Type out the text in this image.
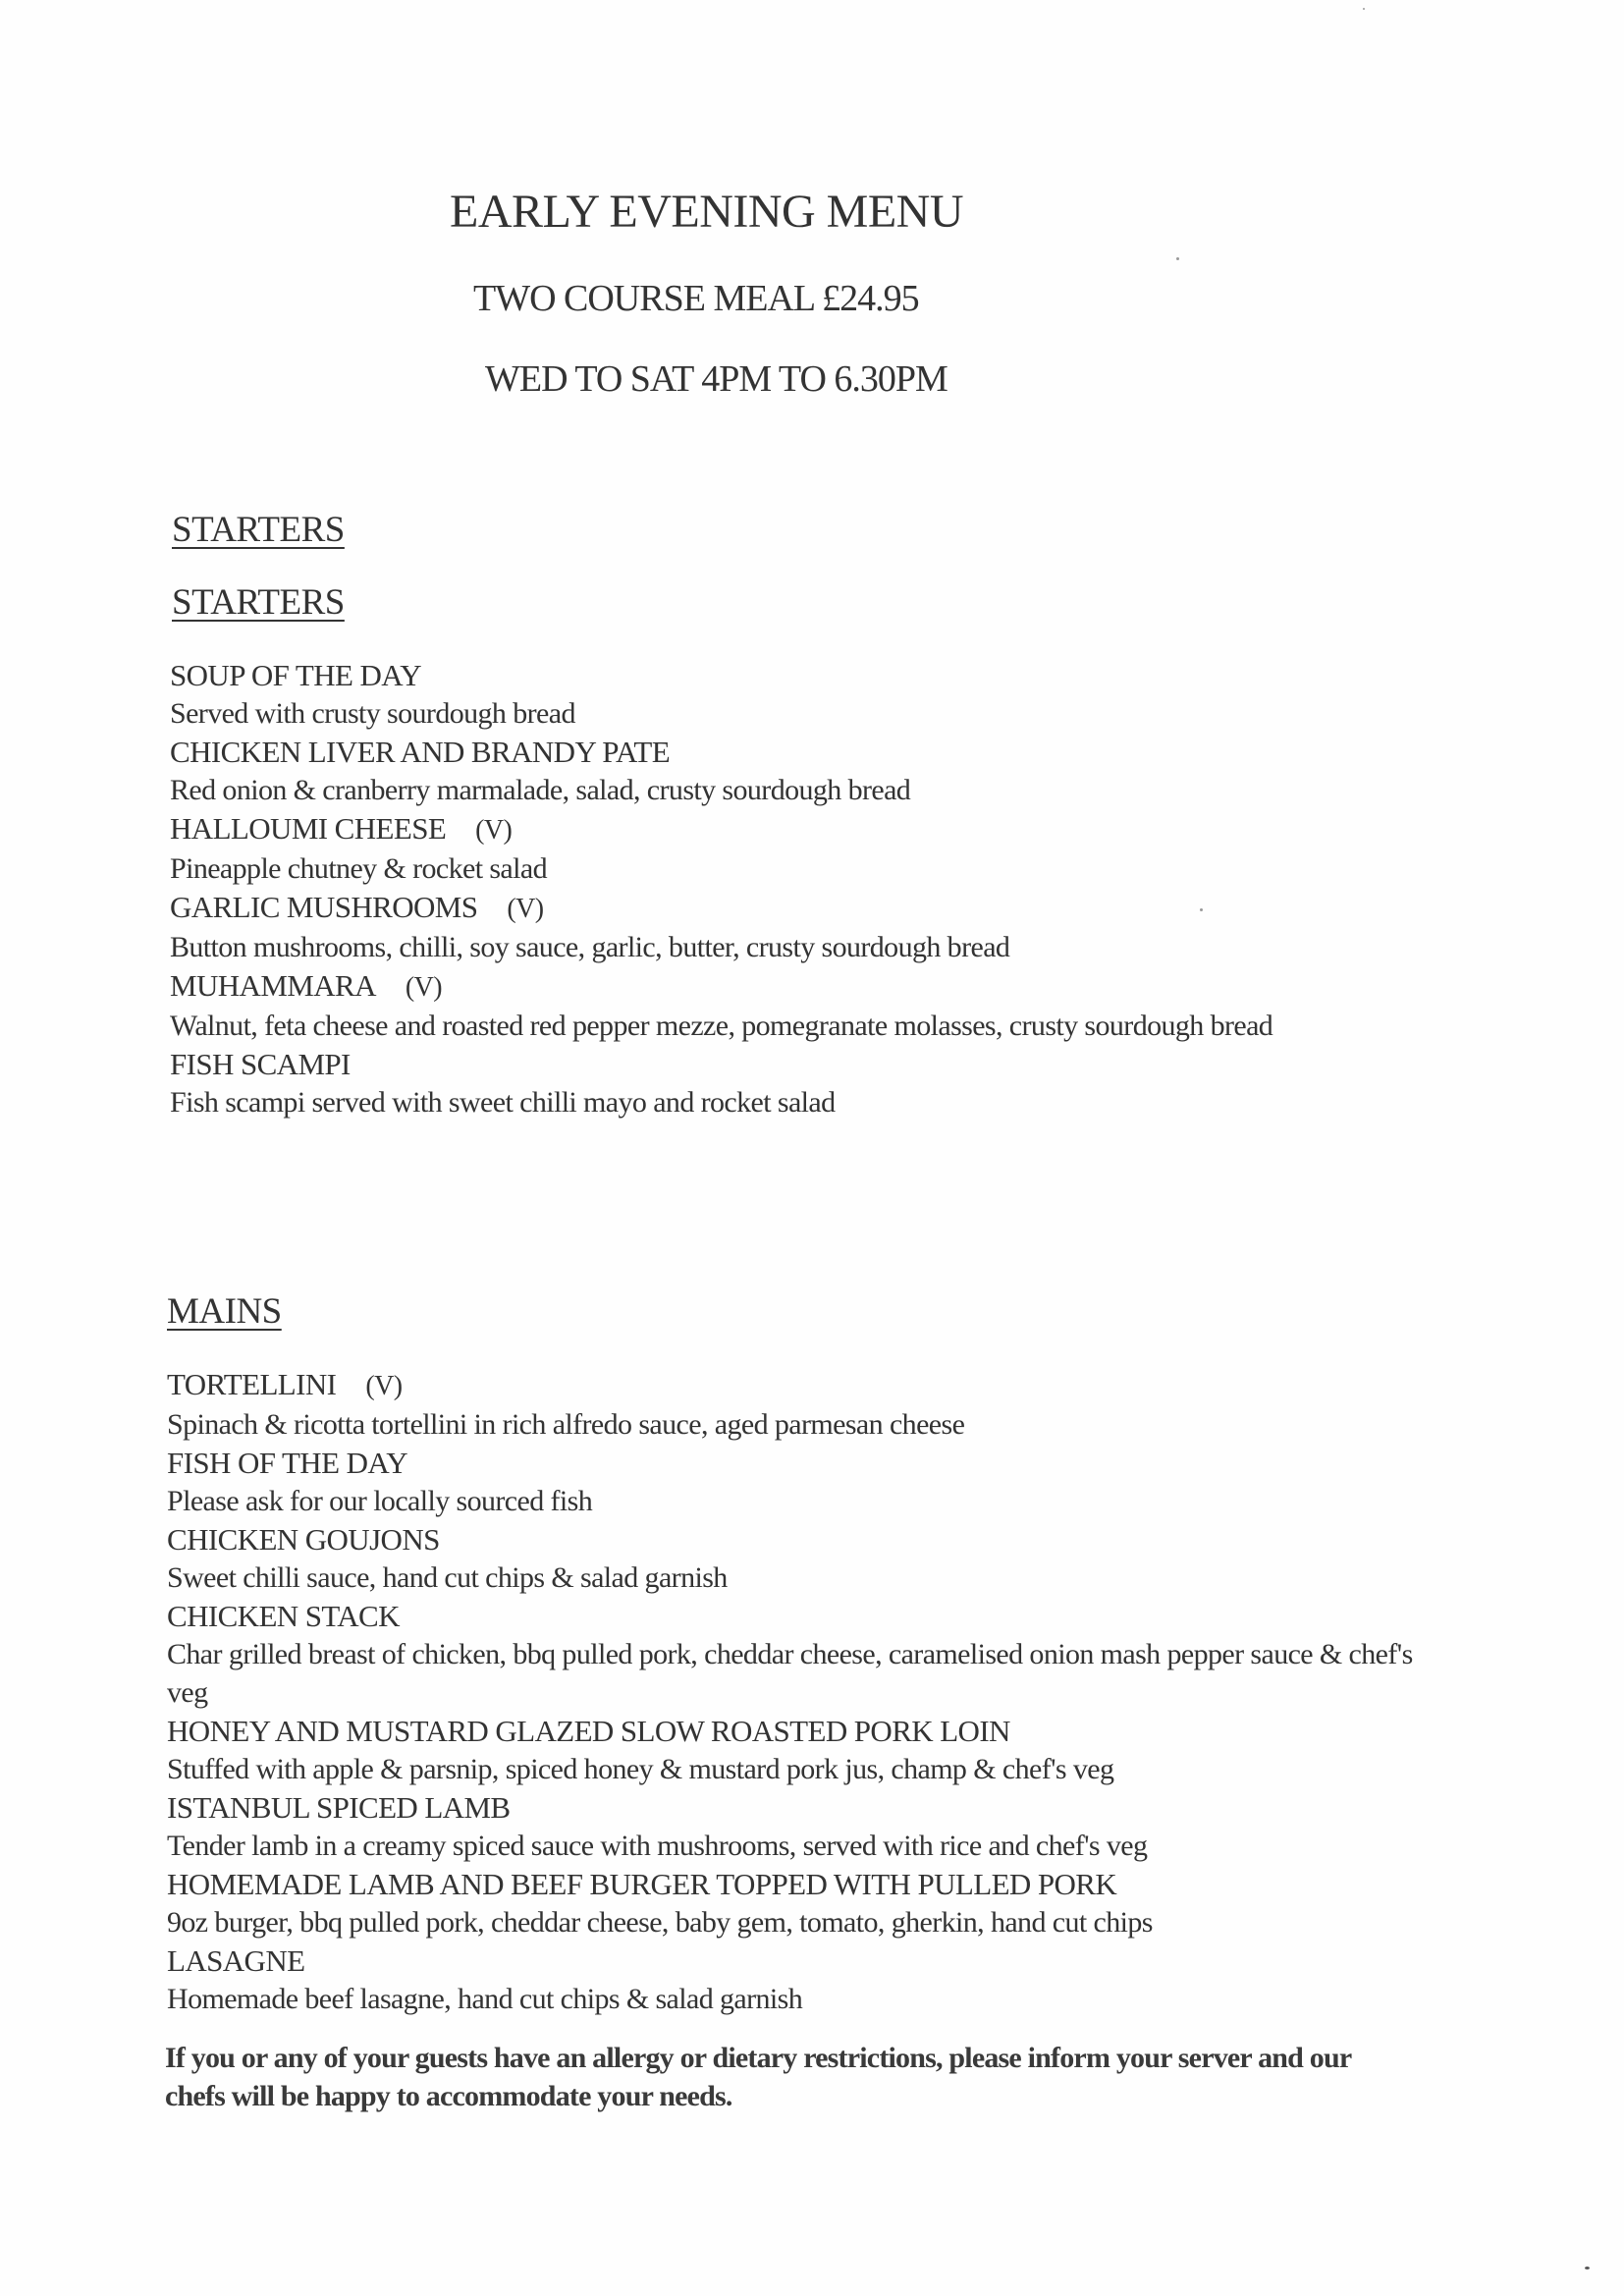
EARLY EVENING MENU
TWO COURSE MEAL £24.95
WED TO SAT 4PM TO 6.30PM
STARTERS
STARTERS
SOUP OF THE DAY
Served with crusty sourdough bread
CHICKEN LIVER AND BRANDY PATE
Red onion & cranberry marmalade, salad, crusty sourdough bread
HALLOUMI CHEESE (V)
Pineapple chutney & rocket salad
GARLIC MUSHROOMS (V)
Button mushrooms, chilli, soy sauce, garlic, butter, crusty sourdough bread
MUHAMMARA (V)
Walnut, feta cheese and roasted red pepper mezze, pomegranate molasses, crusty sourdough bread
FISH SCAMPI
Fish scampi served with sweet chilli mayo and rocket salad
MAINS
TORTELLINI (V)
Spinach & ricotta tortellini in rich alfredo sauce, aged parmesan cheese
FISH OF THE DAY
Please ask for our locally sourced fish
CHICKEN GOUJONS
Sweet chilli sauce, hand cut chips & salad garnish
CHICKEN STACK
Char grilled breast of chicken, bbq pulled pork, cheddar cheese, caramelised onion mash pepper sauce & chef's veg
HONEY AND MUSTARD GLAZED SLOW ROASTED PORK LOIN
Stuffed with apple & parsnip, spiced honey & mustard pork jus, champ & chef's veg
ISTANBUL SPICED LAMB
Tender lamb in a creamy spiced sauce with mushrooms, served with rice and chef's veg
HOMEMADE LAMB AND BEEF BURGER TOPPED WITH PULLED PORK
9oz burger, bbq pulled pork, cheddar cheese, baby gem, tomato, gherkin, hand cut chips
LASAGNE
Homemade beef lasagne, hand cut chips & salad garnish
If you or any of your guests have an allergy or dietary restrictions, please inform your server and our chefs will be happy to accommodate your needs.
